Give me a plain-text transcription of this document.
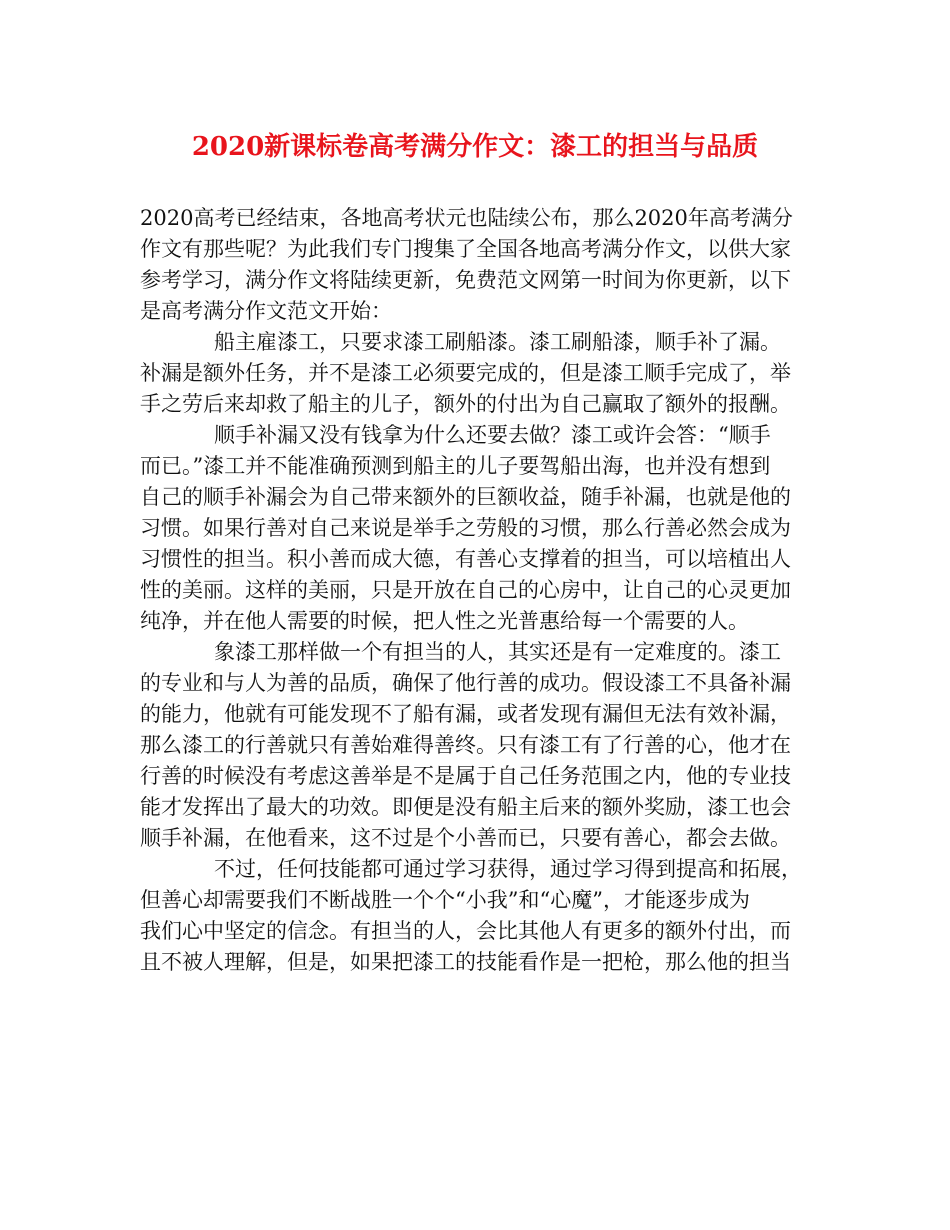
2020新课标卷高考满分作文：漆工的担当与品质
2020高考已经结束，各地高考状元也陆续公布，那么2020年高考满分
作文有那些呢？为此我们专门搜集了全国各地高考满分作文，以供大家
参考学习，满分作文将陆续更新，免费范文网第一时间为你更新，以下
是高考满分作文范文开始：
船主雇漆工，只要求漆工刷船漆。漆工刷船漆，顺手补了漏。
补漏是额外任务，并不是漆工必须要完成的，但是漆工顺手完成了，举
手之劳后来却救了船主的儿子，额外的付出为自己赢取了额外的报酬。
顺手补漏又没有钱拿为什么还要去做？漆工或许会答：“顺手
而已。”漆工并不能准确预测到船主的儿子要驾船出海，也并没有想到
自己的顺手补漏会为自己带来额外的巨额收益，随手补漏，也就是他的
习惯。如果行善对自己来说是举手之劳般的习惯，那么行善必然会成为
习惯性的担当。积小善而成大德，有善心支撑着的担当，可以培植出人
性的美丽。这样的美丽，只是开放在自己的心房中，让自己的心灵更加
纯净，并在他人需要的时候，把人性之光普惠给每一个需要的人。
象漆工那样做一个有担当的人，其实还是有一定难度的。漆工
的专业和与人为善的品质，确保了他行善的成功。假设漆工不具备补漏
的能力，他就有可能发现不了船有漏，或者发现有漏但无法有效补漏，
那么漆工的行善就只有善始难得善终。只有漆工有了行善的心，他才在
行善的时候没有考虑这善举是不是属于自己任务范围之内，他的专业技
能才发挥出了最大的功效。即便是没有船主后来的额外奖励，漆工也会
顺手补漏，在他看来，这不过是个小善而已，只要有善心，都会去做。
不过，任何技能都可通过学习获得，通过学习得到提高和拓展，
但善心却需要我们不断战胜一个个“小我”和“心魔”，才能逐步成为
我们心中坚定的信念。有担当的人，会比其他人有更多的额外付出，而
且不被人理解，但是，如果把漆工的技能看作是一把枪，那么他的担当
